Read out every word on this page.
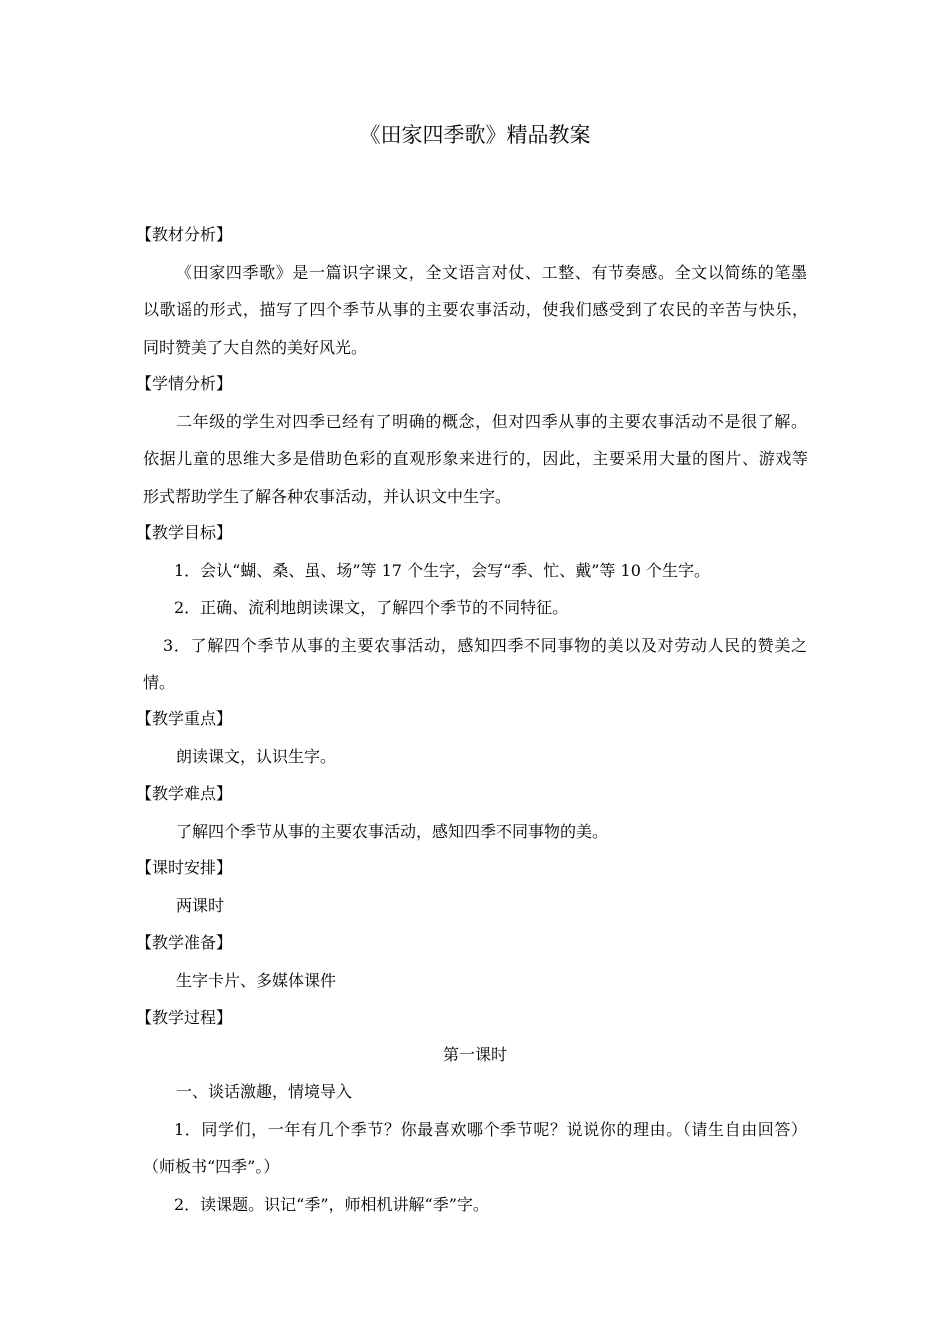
《田家四季歌》精品教案
【教材分析】
《田家四季歌》是一篇识字课文，全文语言对仗、工整、有节奏感。全文以简练的笔墨
以歌谣的形式，描写了四个季节从事的主要农事活动，使我们感受到了农民的辛苦与快乐，
同时赞美了大自然的美好风光。
【学情分析】
二年级的学生对四季已经有了明确的概念，但对四季从事的主要农事活动不是很了解。
依据儿童的思维大多是借助色彩的直观形象来进行的，因此，主要采用大量的图片、游戏等
形式帮助学生了解各种农事活动，并认识文中生字。
【教学目标】
1．会认“蝴、桑、虽、场”等 17 个生字，会写“季、忙、戴”等 10 个生字。
2．正确、流利地朗读课文，了解四个季节的不同特征。
3．了解四个季节从事的主要农事活动，感知四季不同事物的美以及对劳动人民的赞美之
情。
【教学重点】
朗读课文，认识生字。
【教学难点】
了解四个季节从事的主要农事活动，感知四季不同事物的美。
【课时安排】
两课时
【教学准备】
生字卡片、多媒体课件
【教学过程】
第一课时
一、谈话激趣，情境导入
1．同学们，一年有几个季节？你最喜欢哪个季节呢？说说你的理由。（请生自由回答）
（师板书“四季”。）
2．读课题。识记“季”，师相机讲解“季”字。
